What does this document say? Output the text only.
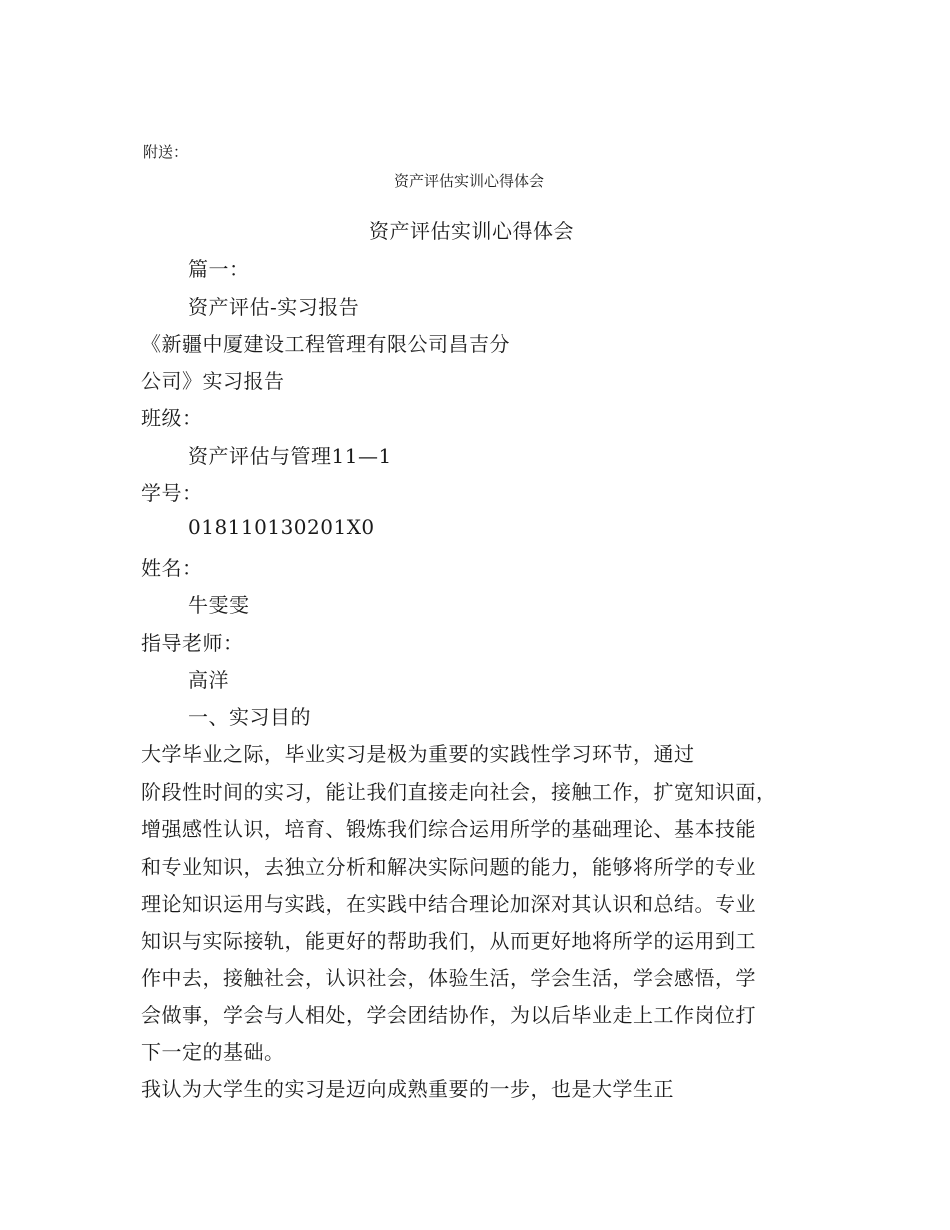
附送：
资产评估实训心得体会
资产评估实训心得体会
篇一：
资产评估-实习报告
《新疆中厦建设工程管理有限公司昌吉分
公司》实习报告
班级：
资产评估与管理11—1
学号：
018110130201X0
姓名：
牛雯雯
指导老师：
高洋
一、实习目的
大学毕业之际，毕业实习是极为重要的实践性学习环节，通过
阶段性时间的实习，能让我们直接走向社会，接触工作，扩宽知识面，
增强感性认识，培育、锻炼我们综合运用所学的基础理论、基本技能
和专业知识，去独立分析和解决实际问题的能力，能够将所学的专业
理论知识运用与实践，在实践中结合理论加深对其认识和总结。专业
知识与实际接轨，能更好的帮助我们，从而更好地将所学的运用到工
作中去，接触社会，认识社会，体验生活，学会生活，学会感悟，学
会做事，学会与人相处，学会团结协作，为以后毕业走上工作岗位打
下一定的基础。
我认为大学生的实习是迈向成熟重要的一步，也是大学生正
